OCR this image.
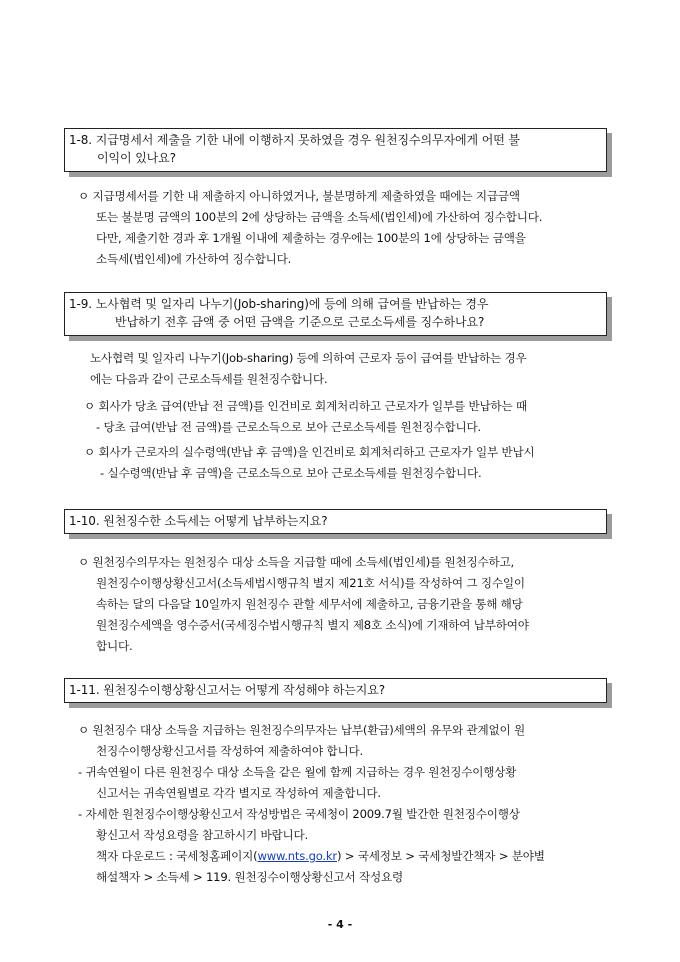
1-8. 지급명세서 제출을 기한 내에 이행하지 못하였을 경우 원천징수의무자에게 어떤 불
이익이 있나요?
ㅇ 지급명세서를 기한 내 제출하지 아니하였거나, 불분명하게 제출하였을 때에는 지급금액
또는 불분명 금액의 100분의 2에 상당하는 금액을 소득세(법인세)에 가산하여 징수합니다.
다만, 제출기한 경과 후 1개월 이내에 제출하는 경우에는 100분의 1에 상당하는 금액을
소득세(법인세)에 가산하여 징수합니다.
1-9. 노사협력 및 일자리 나누기(Job-sharing)에 등에 의해 급여를 반납하는 경우
반납하기 전후 금액 중 어떤 금액을 기준으로 근로소득세를 징수하나요?
노사협력 및 일자리 나누기(Job-sharing) 등에 의하여 근로자 등이 급여를 반납하는 경우
에는 다음과 같이 근로소득세를 원천징수합니다.
ㅇ 회사가 당초 급여(반납 전 금액)를 인건비로 회계처리하고 근로자가 일부를 반납하는 때
- 당초 급여(반납 전 금액)를 근로소득으로 보아 근로소득세를 원천징수합니다.
ㅇ 회사가 근로자의 실수령액(반납 후 금액)을 인건비로 회계처리하고 근로자가 일부 반납시
- 실수령액(반납 후 금액)을 근로소득으로 보아 근로소득세를 원천징수합니다.
1-10. 원천징수한 소득세는 어떻게 납부하는지요?
ㅇ 원천징수의무자는 원천징수 대상 소득을 지급할 때에 소득세(법인세)를 원천징수하고,
원천징수이행상황신고서(소득세법시행규칙 별지 제21호 서식)를 작성하여 그 징수일이
속하는 달의 다음달 10일까지 원천징수 관할 세무서에 제출하고, 금융기관을 통해 해당
원천징수세액을 영수증서(국세징수법시행규칙 별지 제8호 소식)에 기재하여 납부하여야
합니다.
1-11. 원천징수이행상황신고서는 어떻게 작성해야 하는지요?
ㅇ 원천징수 대상 소득을 지급하는 원천징수의무자는 납부(환급)세액의 유무와 관계없이 원
천징수이행상황신고서를 작성하여 제출하여야 합니다.
- 귀속연월이 다른 원천징수 대상 소득을 같은 월에 함께 지급하는 경우 원천징수이행상황
신고서는 귀속연월별로 각각 별지로 작성하여 제출합니다.
- 자세한 원천징수이행상황신고서 작성방법은 국세청이 2009.7월 발간한 원천징수이행상
황신고서 작성요령을 참고하시기 바랍니다.
책자 다운로드 : 국세청홈페이지(www.nts.go.kr) > 국세정보 > 국세청발간책자 > 분야별
해설책자 > 소득세 > 119. 원천징수이행상황신고서 작성요령
- 4 -
